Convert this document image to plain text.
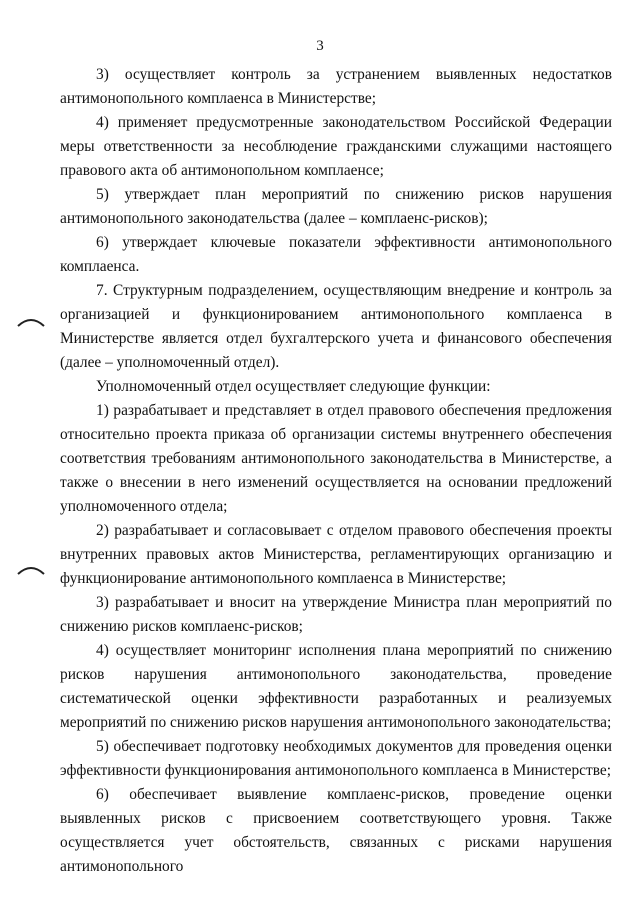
3

3) осуществляет контроль за устранением выявленных недостатков антимонопольного комплаенса в Министерстве;

4) применяет предусмотренные законодательством Российской Федерации меры ответственности за несоблюдение гражданскими служащими настоящего правового акта об антимонопольном комплаенсе;

5) утверждает план мероприятий по снижению рисков нарушения антимонопольного законодательства (далее – комплаенс-рисков);

6) утверждает ключевые показатели эффективности антимонопольного комплаенса.

7. Структурным подразделением, осуществляющим внедрение и контроль за организацией и функционированием антимонопольного комплаенса в Министерстве является отдел бухгалтерского учета и финансового обеспечения (далее – уполномоченный отдел).

Уполномоченный отдел осуществляет следующие функции:

1) разрабатывает и представляет в отдел правового обеспечения предложения относительно проекта приказа об организации системы внутреннего обеспечения соответствия требованиям антимонопольного законодательства в Министерстве, а также о внесении в него изменений осуществляется на основании предложений уполномоченного отдела;

2) разрабатывает и согласовывает с отделом правового обеспечения проекты внутренних правовых актов Министерства, регламентирующих организацию и функционирование антимонопольного комплаенса в Министерстве;

3) разрабатывает и вносит на утверждение Министра план мероприятий по снижению рисков комплаенс-рисков;

4) осуществляет мониторинг исполнения плана мероприятий по снижению рисков нарушения антимонопольного законодательства, проведение систематической оценки эффективности разработанных и реализуемых мероприятий по снижению рисков нарушения антимонопольного законодательства;

5) обеспечивает подготовку необходимых документов для проведения оценки эффективности функционирования антимонопольного комплаенса в Министерстве;

6) обеспечивает выявление комплаенс-рисков, проведение оценки выявленных рисков с присвоением соответствующего уровня. Также осуществляется учет обстоятельств, связанных с рисками нарушения антимонопольного
